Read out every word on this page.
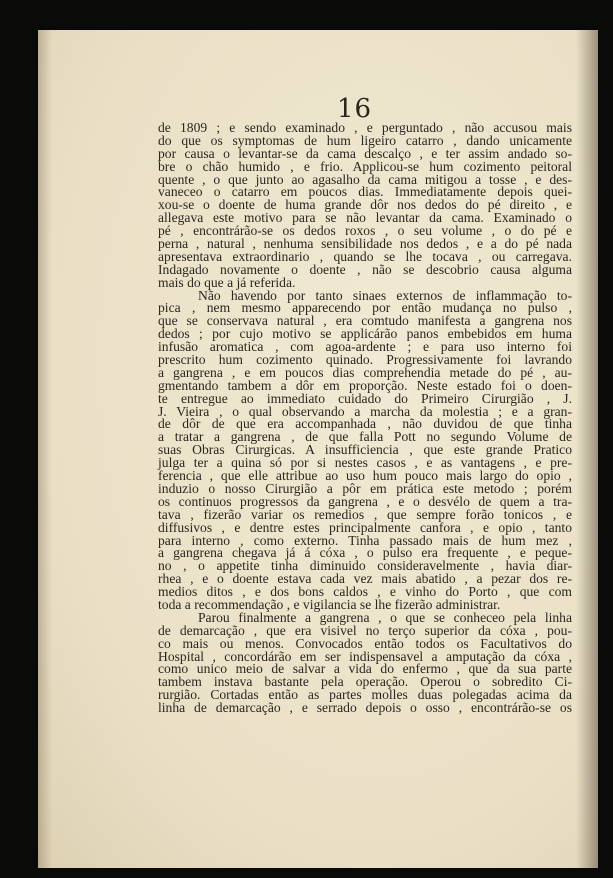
16
de 1809 ; e sendo examinado , e perguntado , não accusou mais
do que os symptomas de hum ligeiro catarro , dando unicamente
por causa o levantar-se da cama descalço , e ter assim andado so-
bre o chão humido , e frio. Applicou-se hum cozimento peitoral
quente , o que junto ao agasalho da cama mitigou a tosse , e des-
vaneceo o catarro em poucos dias. Immediatamente depois quei-
xou-se o doente de huma grande dôr nos dedos do pé direito , e
allegava este motivo para se não levantar da cama. Examinado o
pé , encontrárão-se os dedos roxos , o seu volume , o do pé e
perna , natural , nenhuma sensibilidade nos dedos , e a do pé nada
apresentava extraordinario , quando se lhe tocava , ou carregava.
Indagado novamente o doente , não se descobrio causa alguma
mais do que a já referida.
Não havendo por tanto sinaes externos de inflammação to-
pica , nem mesmo apparecendo por então mudança no pulso ,
que se conservava natural , era comtudo manifesta a gangrena nos
dedos ; por cujo motivo se applicárão panos embebidos em huma
infusão aromatica , com agoa-ardente ; e para uso interno foi
prescrito hum cozimento quinado. Progressivamente foi lavrando
a gangrena , e em poucos dias comprehendia metade do pé , au-
gmentando tambem a dôr em proporção. Neste estado foi o doen-
te entregue ao immediato cuidado do Primeiro Cirurgião , J.
J. Vieira , o qual observando a marcha da molestia ; e a gran-
de dôr de que era accompanhada , não duvidou de que tinha
a tratar a gangrena , de que falla Pott no segundo Volume de
suas Obras Cirurgicas. A insufficiencia , que este grande Pratico
julga ter a quina só por si nestes casos , e as vantagens , e pre-
ferencia , que elle attribue ao uso hum pouco mais largo do opio ,
induzio o nosso Cirurgião a pôr em prática este metodo ; porém
os continuos progressos da gangrena , e o desvélo de quem a tra-
tava , fizerão variar os remedios , que sempre forão tonicos , e
diffusivos , e dentre estes principalmente canfora , e opio , tanto
para interno , como externo. Tinha passado mais de hum mez ,
a gangrena chegava já á cóxa , o pulso era frequente , e peque-
no , o appetite tinha diminuido consideravelmente , havia diar-
rhea , e o doente estava cada vez mais abatido , a pezar dos re-
medios ditos , e dos bons caldos , e vinho do Porto , que com
toda a recommendação , e vigilancia se lhe fizerão administrar.
Parou finalmente a gangrena , o que se conheceo pela linha
de demarcação , que era visivel no terço superior da cóxa , pou-
co mais ou menos. Convocados então todos os Facultativos do
Hospital , concordárão em ser indispensavel a amputação da cóxa ,
como unico meio de salvar a vida do enfermo , que da sua parte
tambem instava bastante pela operação. Operou o sobredito Ci-
rurgião. Cortadas então as partes molles duas polegadas acima da
linha de demarcação , e serrado depois o osso , encontrárão-se os
